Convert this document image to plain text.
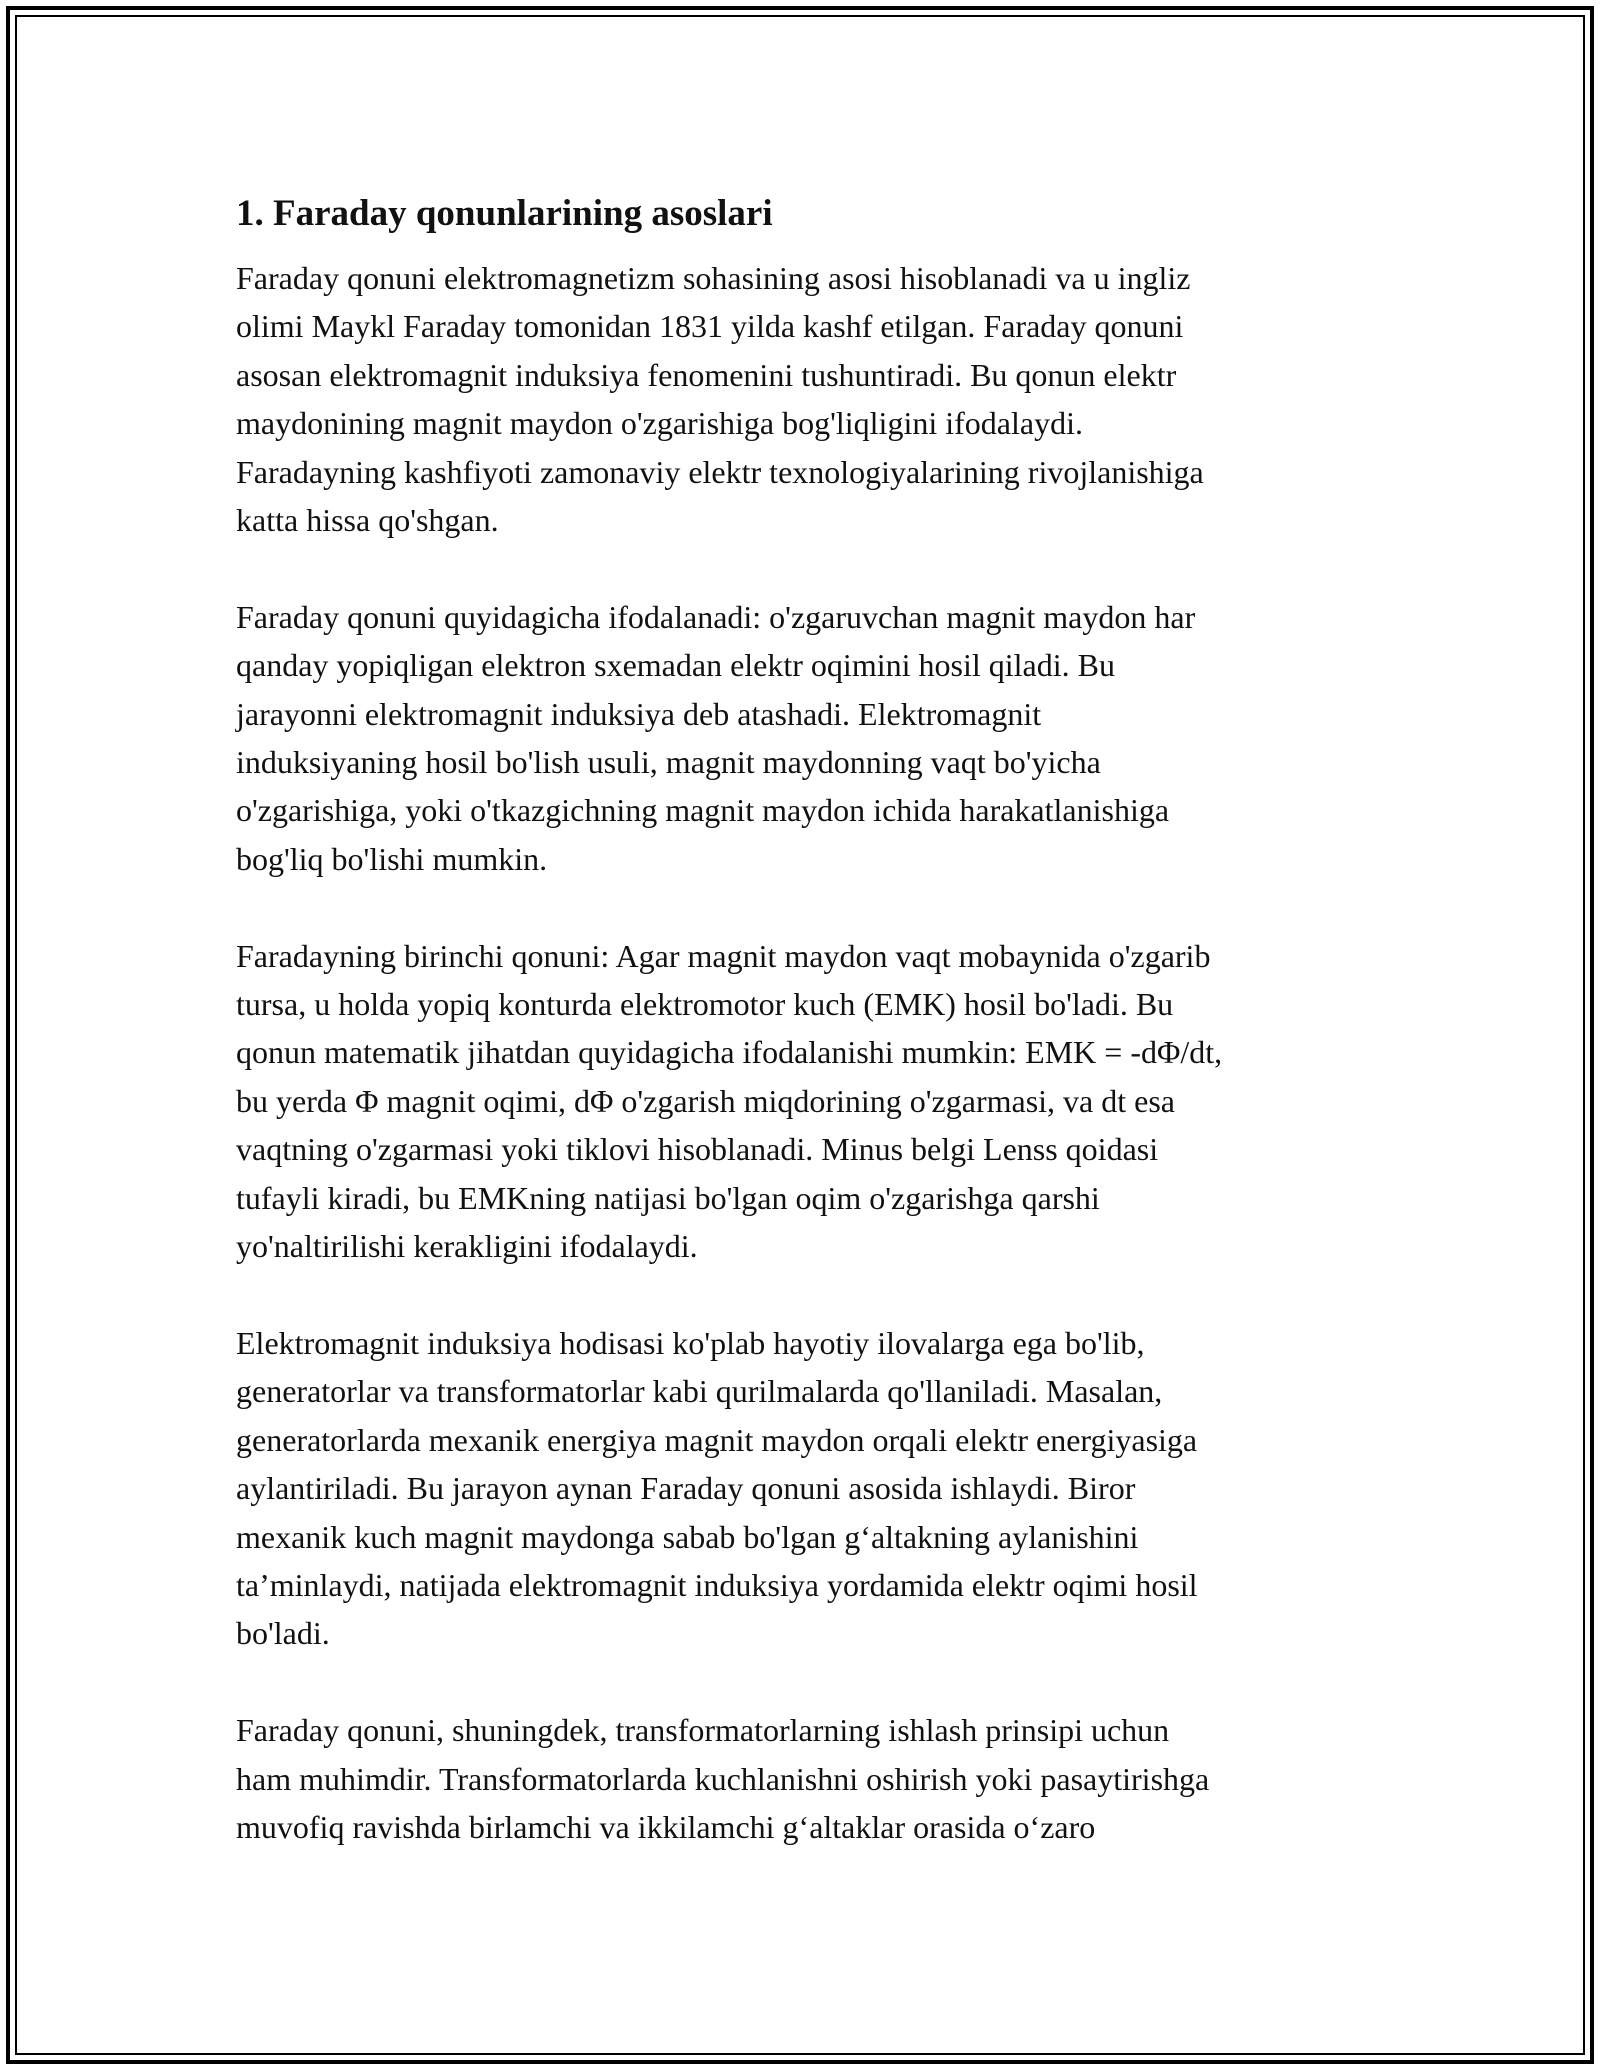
1. Faraday qonunlarining asoslari

Faraday qonuni elektromagnetizm sohasining asosi hisoblanadi va u ingliz
olimi Maykl Faraday tomonidan 1831 yilda kashf etilgan. Faraday qonuni
asosan elektromagnit induksiya fenomenini tushuntiradi. Bu qonun elektr
maydonining magnit maydon o'zgarishiga bog'liqligini ifodalaydi.
Faradayning kashfiyoti zamonaviy elektr texnologiyalarining rivojlanishiga
katta hissa qo'shgan.

Faraday qonuni quyidagicha ifodalanadi: o'zgaruvchan magnit maydon har
qanday yopiqligan elektron sxemadan elektr oqimini hosil qiladi. Bu
jarayonni elektromagnit induksiya deb atashadi. Elektromagnit
induksiyaning hosil bo'lish usuli, magnit maydonning vaqt bo'yicha
o'zgarishiga, yoki o'tkazgichning magnit maydon ichida harakatlanishiga
bog'liq bo'lishi mumkin.

Faradayning birinchi qonuni: Agar magnit maydon vaqt mobaynida o'zgarib
tursa, u holda yopiq konturda elektromotor kuch (EMK) hosil bo'ladi. Bu
qonun matematik jihatdan quyidagicha ifodalanishi mumkin: EMK = -dΦ/dt,
bu yerda Φ magnit oqimi, dΦ o'zgarish miqdorining o'zgarmasi, va dt esa
vaqtning o'zgarmasi yoki tiklovi hisoblanadi. Minus belgi Lenss qoidasi
tufayli kiradi, bu EMKning natijasi bo'lgan oqim o'zgarishga qarshi
yo'naltirilishi kerakligini ifodalaydi.

Elektromagnit induksiya hodisasi ko'plab hayotiy ilovalarga ega bo'lib,
generatorlar va transformatorlar kabi qurilmalarda qo'llaniladi. Masalan,
generatorlarda mexanik energiya magnit maydon orqali elektr energiyasiga
aylantiriladi. Bu jarayon aynan Faraday qonuni asosida ishlaydi. Biror
mexanik kuch magnit maydonga sabab bo'lgan g‘altakning aylanishini
ta’minlaydi, natijada elektromagnit induksiya yordamida elektr oqimi hosil
bo'ladi.

Faraday qonuni, shuningdek, transformatorlarning ishlash prinsipi uchun
ham muhimdir. Transformatorlarda kuchlanishni oshirish yoki pasaytirishga
muvofiq ravishda birlamchi va ikkilamchi g‘altaklar orasida o‘zaro
